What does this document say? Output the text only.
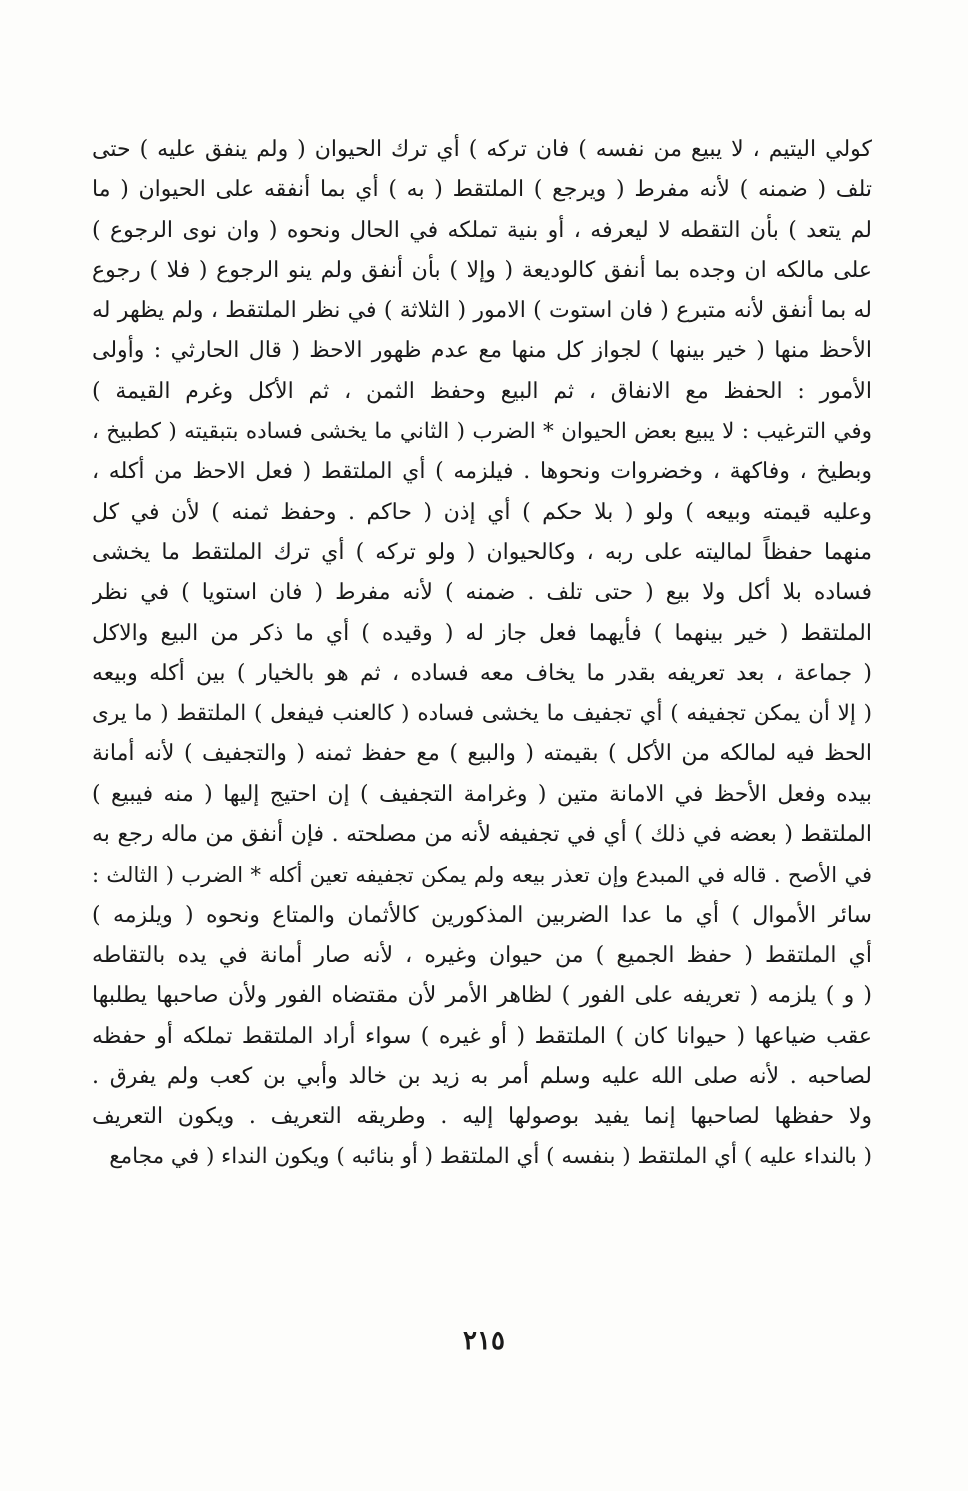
كولي اليتيم ، لا يبيع من نفسه ) فان تركه ) أي ترك الحيوان ( ولم ينفق عليه ) حتى
تلف ( ضمنه ) لأنه مفرط ( ويرجع ) الملتقط ( به ) أي بما أنفقه على الحيوان ( ما
لم يتعد ) بأن التقطه لا ليعرفه ، أو بنية تملكه في الحال ونحوه ( وان نوى الرجوع )
على مالكه ان وجده بما أنفق كالوديعة ( وإلا ) بأن أنفق ولم ينو الرجوع ( فلا ) رجوع
له بما أنفق لأنه متبرع ( فان استوت ) الامور ( الثلاثة ) في نظر الملتقط ، ولم يظهر له
الأحظ منها ( خير بينها ) لجواز كل منها مع عدم ظهور الاحظ ( قال الحارثي : وأولى
الأمور : الحفظ مع الانفاق ، ثم البيع وحفظ الثمن ، ثم الأكل وغرم القيمة )
وفي الترغيب : لا يبيع بعض الحيوان * الضرب ( الثاني ما يخشى فساده بتبقيته ( كطبيخ ،
وبطيخ ، وفاكهة ، وخضروات ونحوها . فيلزمه ) أي الملتقط ( فعل الاحظ من أكله ،
وعليه قيمته وبيعه ) ولو ( بلا حكم ) أي إذن ( حاكم . وحفظ ثمنه ) لأن في كل
منهما حفظاً لماليته على ربه ، وكالحيوان ( ولو تركه ) أي ترك الملتقط ما يخشى
فساده بلا أكل ولا بيع ( حتى تلف . ضمنه ) لأنه مفرط ( فان استويا ) في نظر
الملتقط ( خير بينهما ) فأيهما فعل جاز له ( وقيده ) أي ما ذكر من البيع والاكل
( جماعة ، بعد تعريفه بقدر ما يخاف معه فساده ، ثم هو بالخيار ) بين أكله وبيعه
( إلا أن يمكن تجفيفه ) أي تجفيف ما يخشى فساده ( كالعنب فيفعل ) الملتقط ( ما يرى
الحظ فيه لمالكه من الأكل ) بقيمته ( والبيع ) مع حفظ ثمنه ( والتجفيف ) لأنه أمانة
بيده وفعل الأحظ في الامانة متين ( وغرامة التجفيف ) إن احتيج إليها ( منه فيبيع )
الملتقط ( بعضه في ذلك ) أي في تجفيفه لأنه من مصلحته . فإن أنفق من ماله رجع به
في الأصح . قاله في المبدع وإن تعذر بيعه ولم يمكن تجفيفه تعين أكله * الضرب ( الثالث :
سائر الأموال ) أي ما عدا الضربين المذكورين كالأثمان والمتاع ونحوه ( ويلزمه )
أي الملتقط ( حفظ الجميع ) من حيوان وغيره ، لأنه صار أمانة في يده بالتقاطه
( و ) يلزمه ( تعريفه على الفور ) لظاهر الأمر لأن مقتضاه الفور ولأن صاحبها يطلبها
عقب ضياعها ( حيوانا كان ) الملتقط ( أو غيره ) سواء أراد الملتقط تملكه أو حفظه
لصاحبه . لأنه صلى الله عليه وسلم أمر به زيد بن خالد وأبي بن كعب ولم يفرق .
ولا حفظها لصاحبها إنما يفيد بوصولها إليه . وطريقه التعريف . ويكون التعريف
( بالنداء عليه ) أي الملتقط ( بنفسه ) أي الملتقط ( أو بنائبه ) ويكون النداء ( في مجامع
٢١٥
